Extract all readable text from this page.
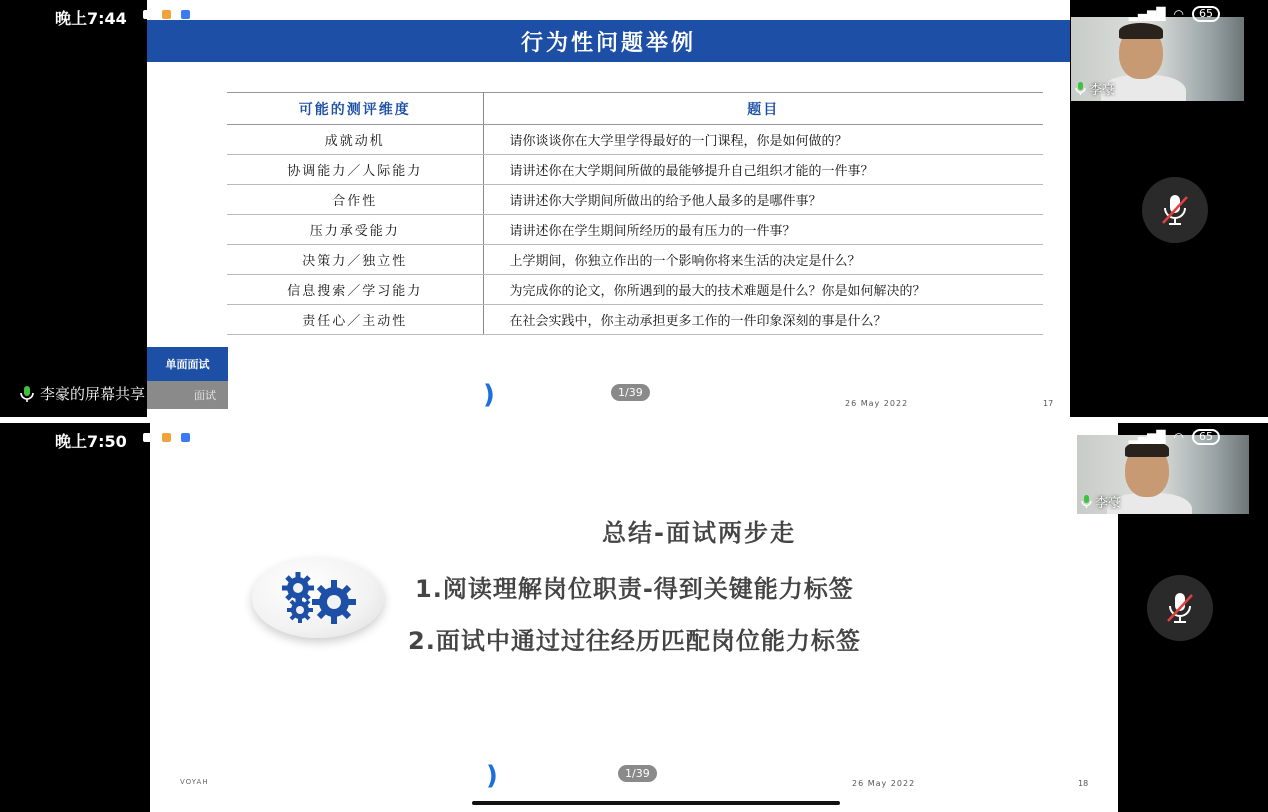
晚上7:44	▂▄▆█ ◠	65
行为性问题举例
可能的测评维度	题目
成就动机	请你谈谈你在大学里学得最好的一门课程，你是如何做的？
协调能力／人际能力	请讲述你在大学期间所做的最能够提升自己组织才能的一件事？
合作性	请讲述你大学期间所做出的给予他人最多的是哪件事？
压力承受能力	请讲述你在学生期间所经历的最有压力的一件事？
决策力／独立性	上学期间，你独立作出的一个影响你将来生活的决定是什么？
信息搜索／学习能力	为完成你的论文，你所遇到的最大的技术难题是什么？你是如何解决的？
责任心／主动性	在社会实践中，你主动承担更多工作的一件印象深刻的事是什么？
单面面试
面试	)	1/39
26 May 2022	17
李豪的屏幕共享
李豪
晚上7:50	▂▄▆█ ◠	65
总结-面试两步走
1.阅读理解岗位职责-得到关键能力标签
2.面试中通过过往经历匹配岗位能力标签
VOYAH	)	1/39
26 May 2022	18
李豪
